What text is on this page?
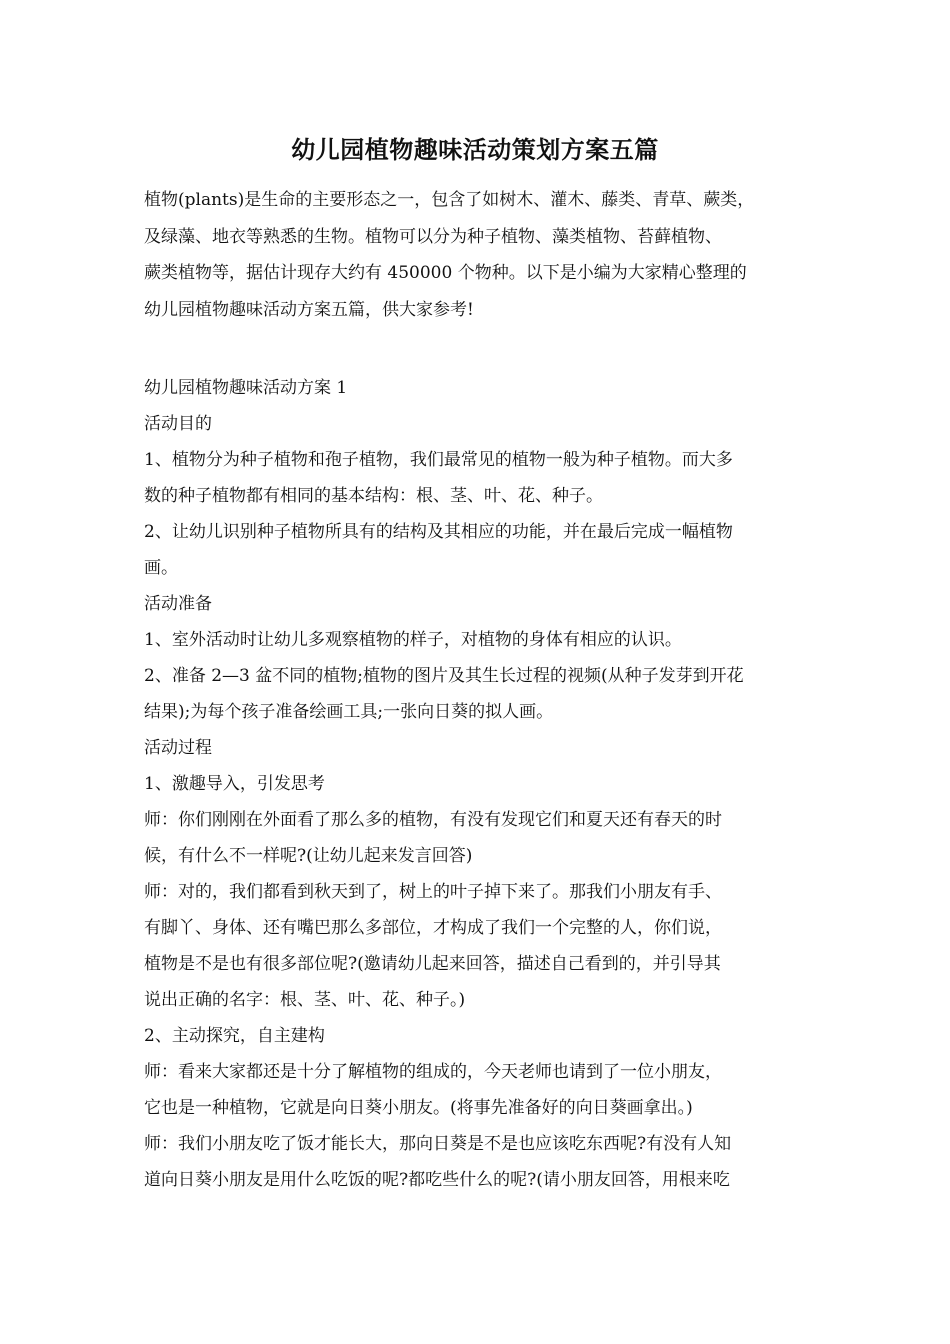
幼儿园植物趣味活动策划方案五篇
植物(plants)是生命的主要形态之一，包含了如树木、灌木、藤类、青草、蕨类，
及绿藻、地衣等熟悉的生物。植物可以分为种子植物、藻类植物、苔藓植物、
蕨类植物等，据估计现存大约有 450000 个物种。以下是小编为大家精心整理的
幼儿园植物趣味活动方案五篇，供大家参考!
幼儿园植物趣味活动方案 1
活动目的
1、植物分为种子植物和孢子植物，我们最常见的植物一般为种子植物。而大多
数的种子植物都有相同的基本结构：根、茎、叶、花、种子。
2、让幼儿识别种子植物所具有的结构及其相应的功能，并在最后完成一幅植物
画。
活动准备
1、室外活动时让幼儿多观察植物的样子，对植物的身体有相应的认识。
2、准备 2—3 盆不同的植物;植物的图片及其生长过程的视频(从种子发芽到开花
结果);为每个孩子准备绘画工具;一张向日葵的拟人画。
活动过程
1、激趣导入，引发思考
师：你们刚刚在外面看了那么多的植物，有没有发现它们和夏天还有春天的时
候，有什么不一样呢?(让幼儿起来发言回答)
师：对的，我们都看到秋天到了，树上的叶子掉下来了。那我们小朋友有手、
有脚丫、身体、还有嘴巴那么多部位，才构成了我们一个完整的人，你们说，
植物是不是也有很多部位呢?(邀请幼儿起来回答，描述自己看到的，并引导其
说出正确的名字：根、茎、叶、花、种子。)
2、主动探究，自主建构
师：看来大家都还是十分了解植物的组成的，今天老师也请到了一位小朋友，
它也是一种植物，它就是向日葵小朋友。(将事先准备好的向日葵画拿出。)
师：我们小朋友吃了饭才能长大，那向日葵是不是也应该吃东西呢?有没有人知
道向日葵小朋友是用什么吃饭的呢?都吃些什么的呢?(请小朋友回答，用根来吃
